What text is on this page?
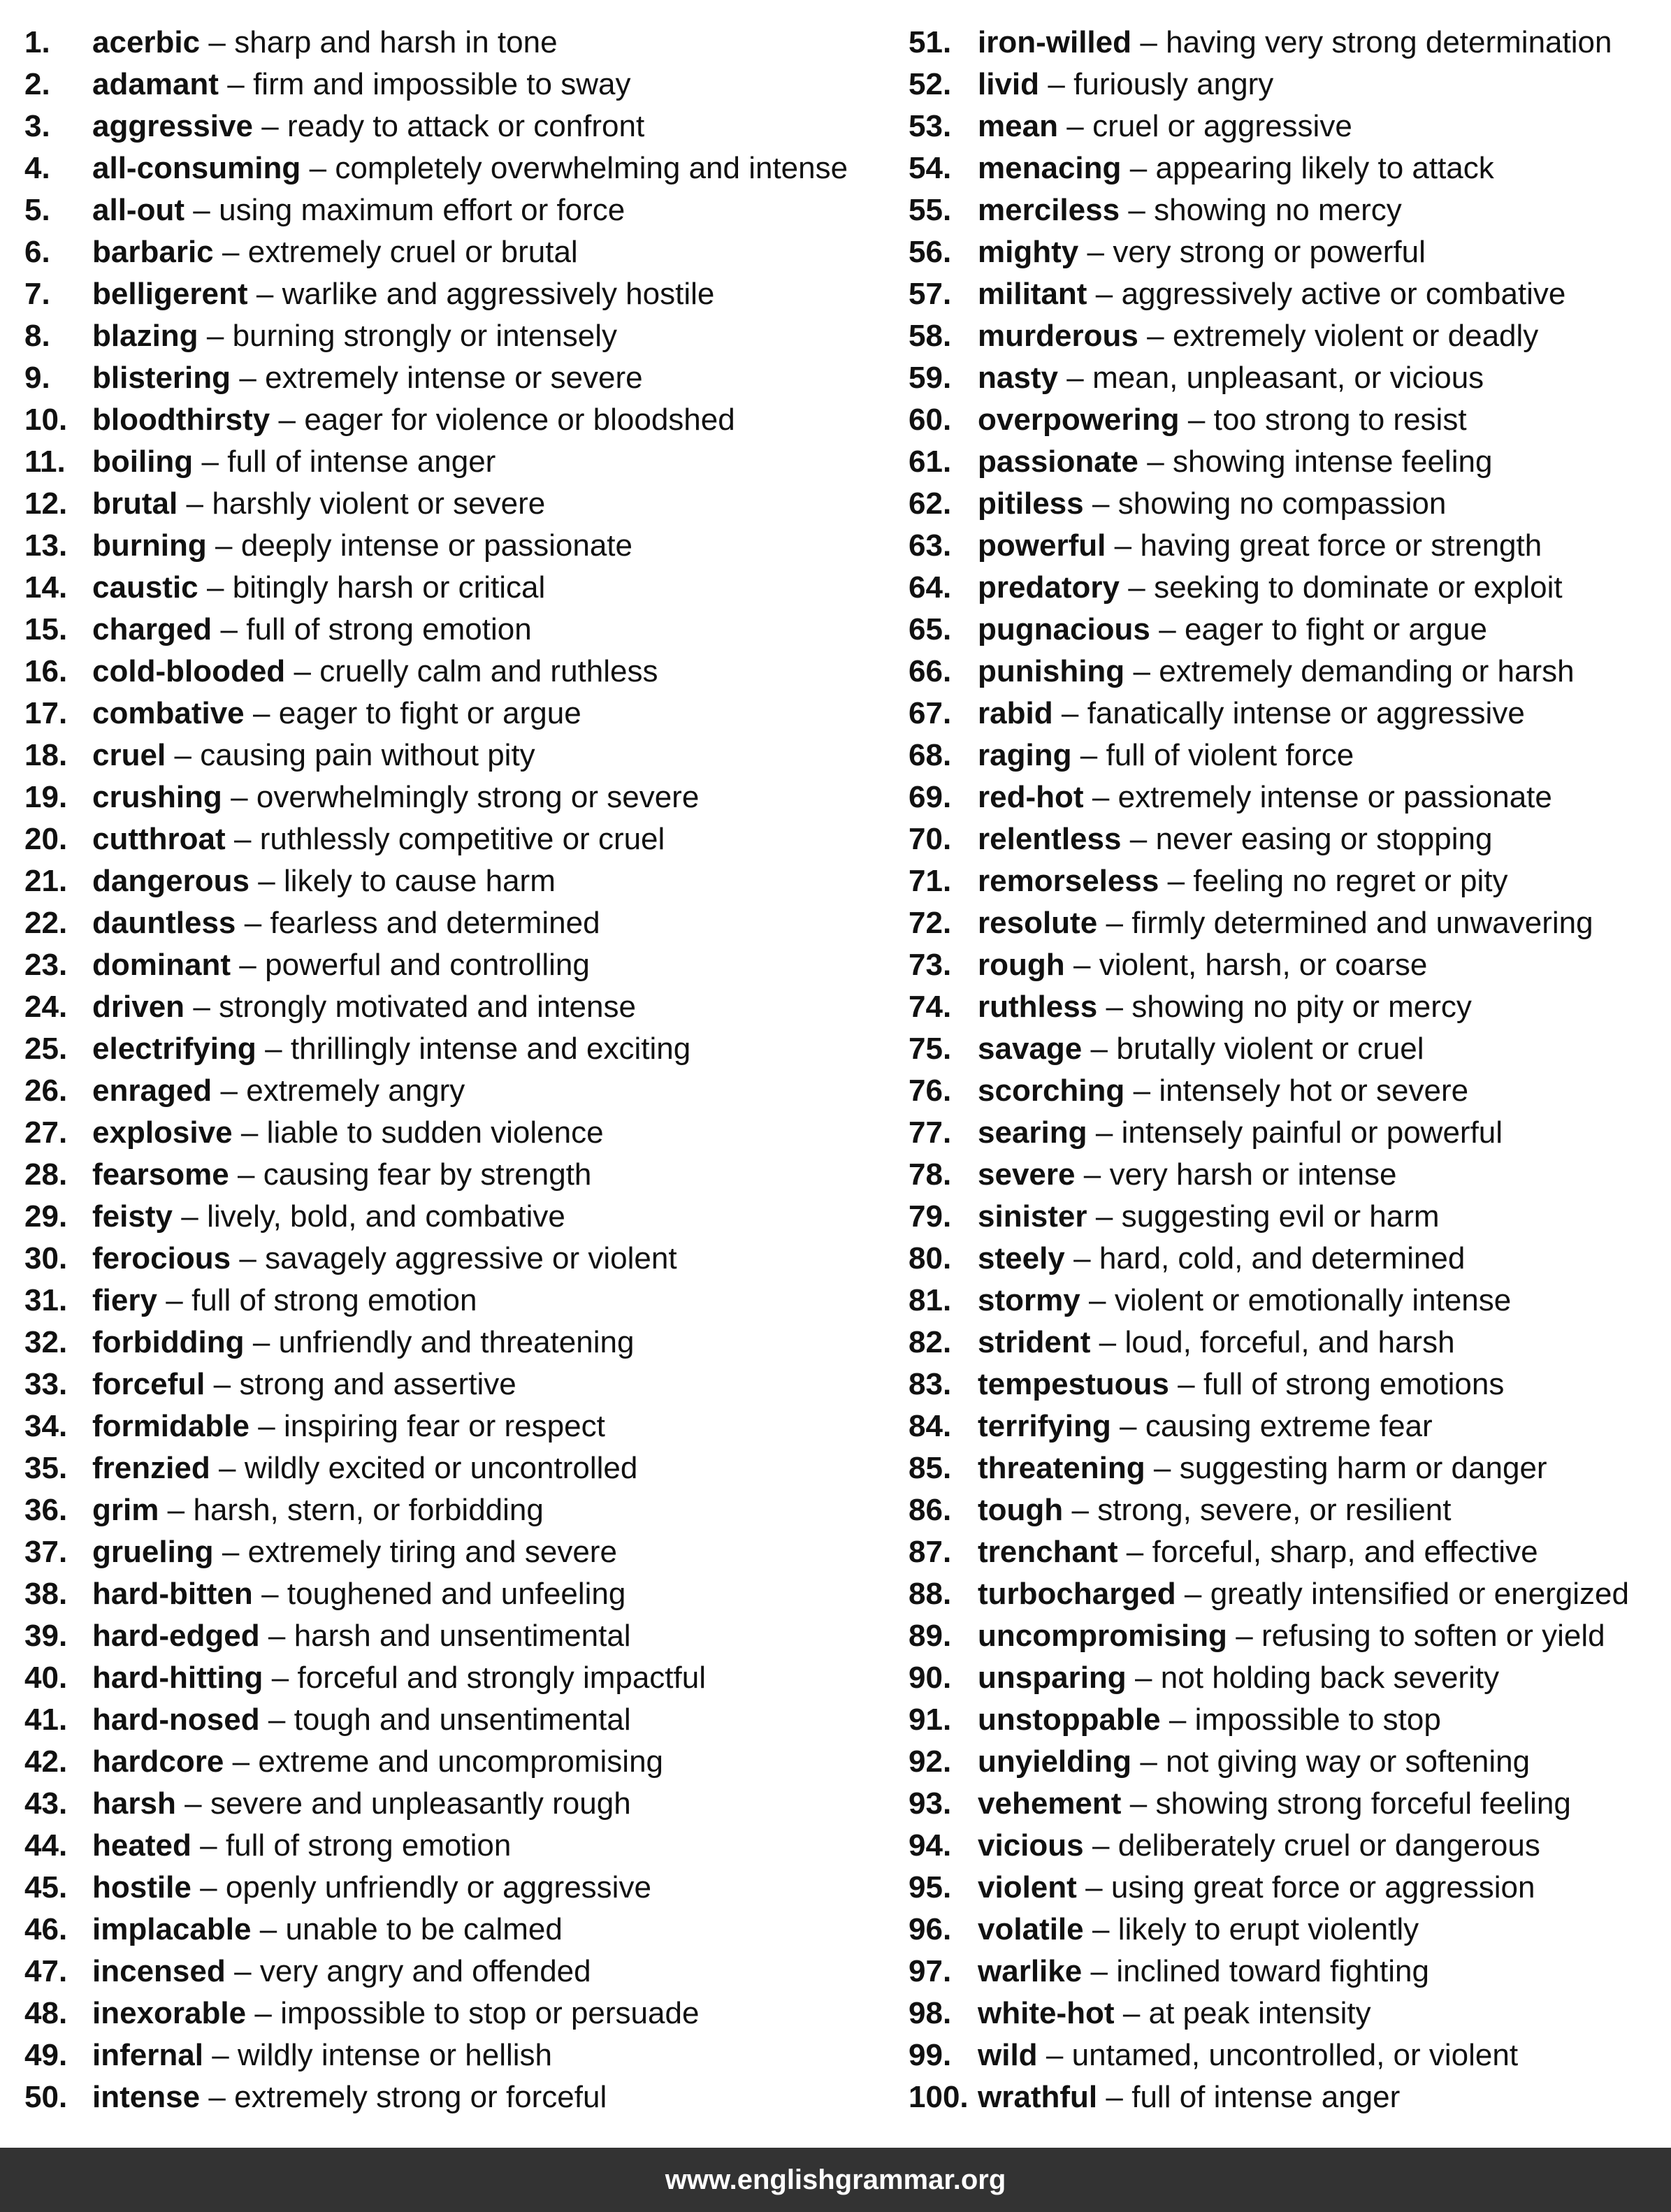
1.	acerbic – sharp and harsh in tone
2.	adamant – firm and impossible to sway
3.	aggressive – ready to attack or confront
4.	all-consuming – completely overwhelming and intense
5.	all-out – using maximum effort or force
6.	barbaric – extremely cruel or brutal
7.	belligerent – warlike and aggressively hostile
8.	blazing – burning strongly or intensely
9.	blistering – extremely intense or severe
10. bloodthirsty – eager for violence or bloodshed
11. boiling – full of intense anger
12. brutal – harshly violent or severe
13. burning – deeply intense or passionate
14. caustic – bitingly harsh or critical
15. charged – full of strong emotion
16. cold-blooded – cruelly calm and ruthless
17. combative – eager to fight or argue
18. cruel – causing pain without pity
19. crushing – overwhelmingly strong or severe
20. cutthroat – ruthlessly competitive or cruel
21. dangerous – likely to cause harm
22. dauntless – fearless and determined
23. dominant – powerful and controlling
24. driven – strongly motivated and intense
25. electrifying – thrillingly intense and exciting
26. enraged – extremely angry
27. explosive – liable to sudden violence
28. fearsome – causing fear by strength
29. feisty – lively, bold, and combative
30. ferocious – savagely aggressive or violent
31. fiery – full of strong emotion
32. forbidding – unfriendly and threatening
33. forceful – strong and assertive
34. formidable – inspiring fear or respect
35. frenzied – wildly excited or uncontrolled
36. grim – harsh, stern, or forbidding
37. grueling – extremely tiring and severe
38. hard-bitten – toughened and unfeeling
39. hard-edged – harsh and unsentimental
40. hard-hitting – forceful and strongly impactful
41. hard-nosed – tough and unsentimental
42. hardcore – extreme and uncompromising
43. harsh – severe and unpleasantly rough
44. heated – full of strong emotion
45. hostile – openly unfriendly or aggressive
46. implacable – unable to be calmed
47. incensed – very angry and offended
48. inexorable – impossible to stop or persuade
49. infernal – wildly intense or hellish
50. intense – extremely strong or forceful
51. iron-willed – having very strong determination
52. livid – furiously angry
53. mean – cruel or aggressive
54. menacing – appearing likely to attack
55. merciless – showing no mercy
56. mighty – very strong or powerful
57. militant – aggressively active or combative
58. murderous – extremely violent or deadly
59. nasty – mean, unpleasant, or vicious
60. overpowering – too strong to resist
61. passionate – showing intense feeling
62. pitiless – showing no compassion
63. powerful – having great force or strength
64. predatory – seeking to dominate or exploit
65. pugnacious – eager to fight or argue
66. punishing – extremely demanding or harsh
67. rabid – fanatically intense or aggressive
68. raging – full of violent force
69. red-hot – extremely intense or passionate
70. relentless – never easing or stopping
71. remorseless – feeling no regret or pity
72. resolute – firmly determined and unwavering
73. rough – violent, harsh, or coarse
74. ruthless – showing no pity or mercy
75. savage – brutally violent or cruel
76. scorching – intensely hot or severe
77. searing – intensely painful or powerful
78. severe – very harsh or intense
79. sinister – suggesting evil or harm
80. steely – hard, cold, and determined
81. stormy – violent or emotionally intense
82. strident – loud, forceful, and harsh
83. tempestuous – full of strong emotions
84. terrifying – causing extreme fear
85. threatening – suggesting harm or danger
86. tough – strong, severe, or resilient
87. trenchant – forceful, sharp, and effective
88. turbocharged – greatly intensified or energized
89. uncompromising – refusing to soften or yield
90. unsparing – not holding back severity
91. unstoppable – impossible to stop
92. unyielding – not giving way or softening
93. vehement – showing strong forceful feeling
94. vicious – deliberately cruel or dangerous
95. violent – using great force or aggression
96. volatile – likely to erupt violently
97. warlike – inclined toward fighting
98. white-hot – at peak intensity
99. wild – untamed, uncontrolled, or violent
100. wrathful – full of intense anger
www.englishgrammar.org
